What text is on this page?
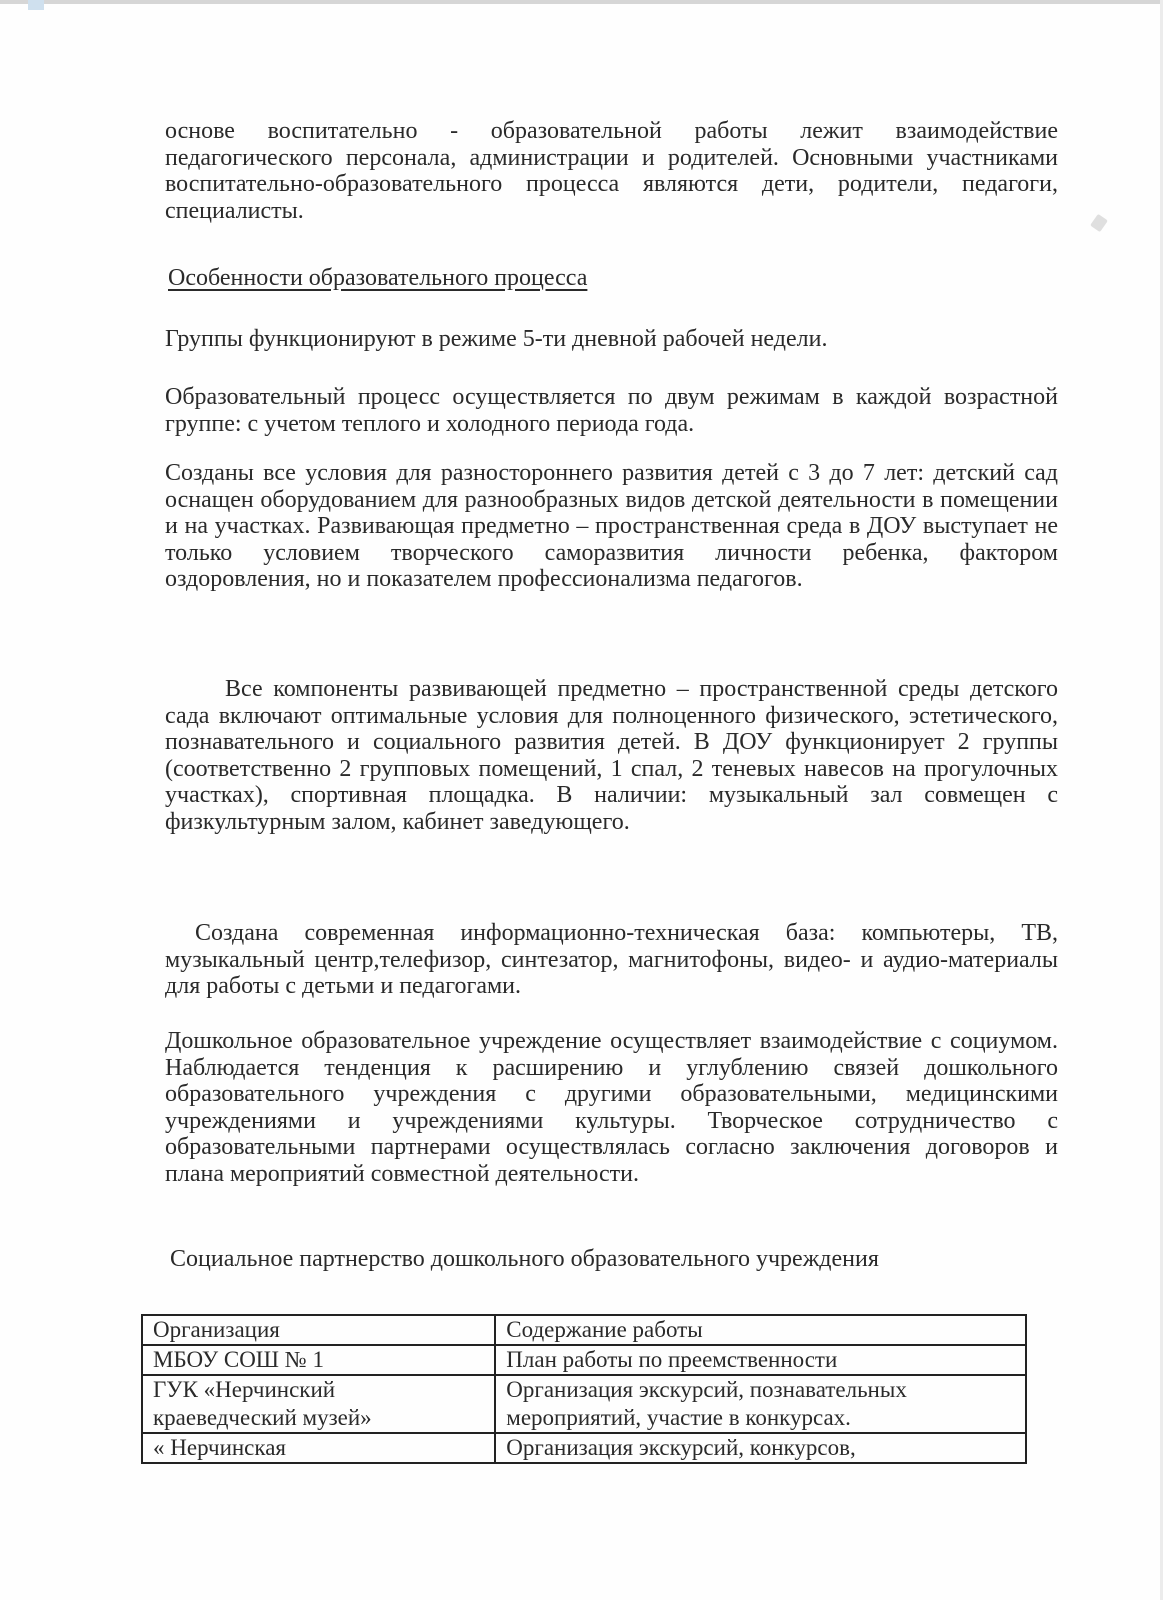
основе воспитательно - образовательной работы лежит взаимодействие педагогического персонала, администрации и родителей. Основными участниками воспитательно-образовательного процесса являются дети, родители, педагоги, специалисты.

Особенности образовательного процесса

Группы функционируют в режиме 5-ти дневной рабочей недели.

Образовательный процесс осуществляется по двум режимам в каждой возрастной группе: с учетом теплого и холодного периода года.

Созданы все условия для разностороннего развития детей с 3 до 7 лет: детский сад оснащен оборудованием для разнообразных видов детской деятельности в помещении и на участках. Развивающая предметно – пространственная среда в ДОУ выступает не только условием творческого саморазвития личности ребенка, фактором оздоровления, но и показателем профессионализма педагогов.

Все компоненты развивающей предметно – пространственной среды детского сада включают оптимальные условия для полноценного физического, эстетического, познавательного и социального развития детей. В ДОУ функционирует 2 группы (соответственно 2 групповых помещений, 1 спал, 2 теневых навесов на прогулочных участках), спортивная площадка. В наличии: музыкальный зал совмещен с физкультурным залом, кабинет заведующего.

Создана современная информационно-техническая база: компьютеры, ТВ, музыкальный центр,телефизор, синтезатор, магнитофоны, видео- и аудио-материалы для работы с детьми и педагогами.

Дошкольное образовательное учреждение осуществляет взаимодействие с социумом. Наблюдается тенденция к расширению и углублению связей дошкольного образовательного учреждения с другими образовательными, медицинскими учреждениями и учреждениями культуры. Творческое сотрудничество с образовательными партнерами осуществлялась согласно заключения договоров и плана мероприятий совместной деятельности.

Социальное партнерство дошкольного образовательного учреждения
Организация	Содержание работы
МБОУ СОШ № 1	План работы по преемственности
ГУК «Нерчинский краеведческий музей»	Организация экскурсий, познавательных мероприятий, участие в конкурсах.
« Нерчинская	Организация экскурсий, конкурсов,
